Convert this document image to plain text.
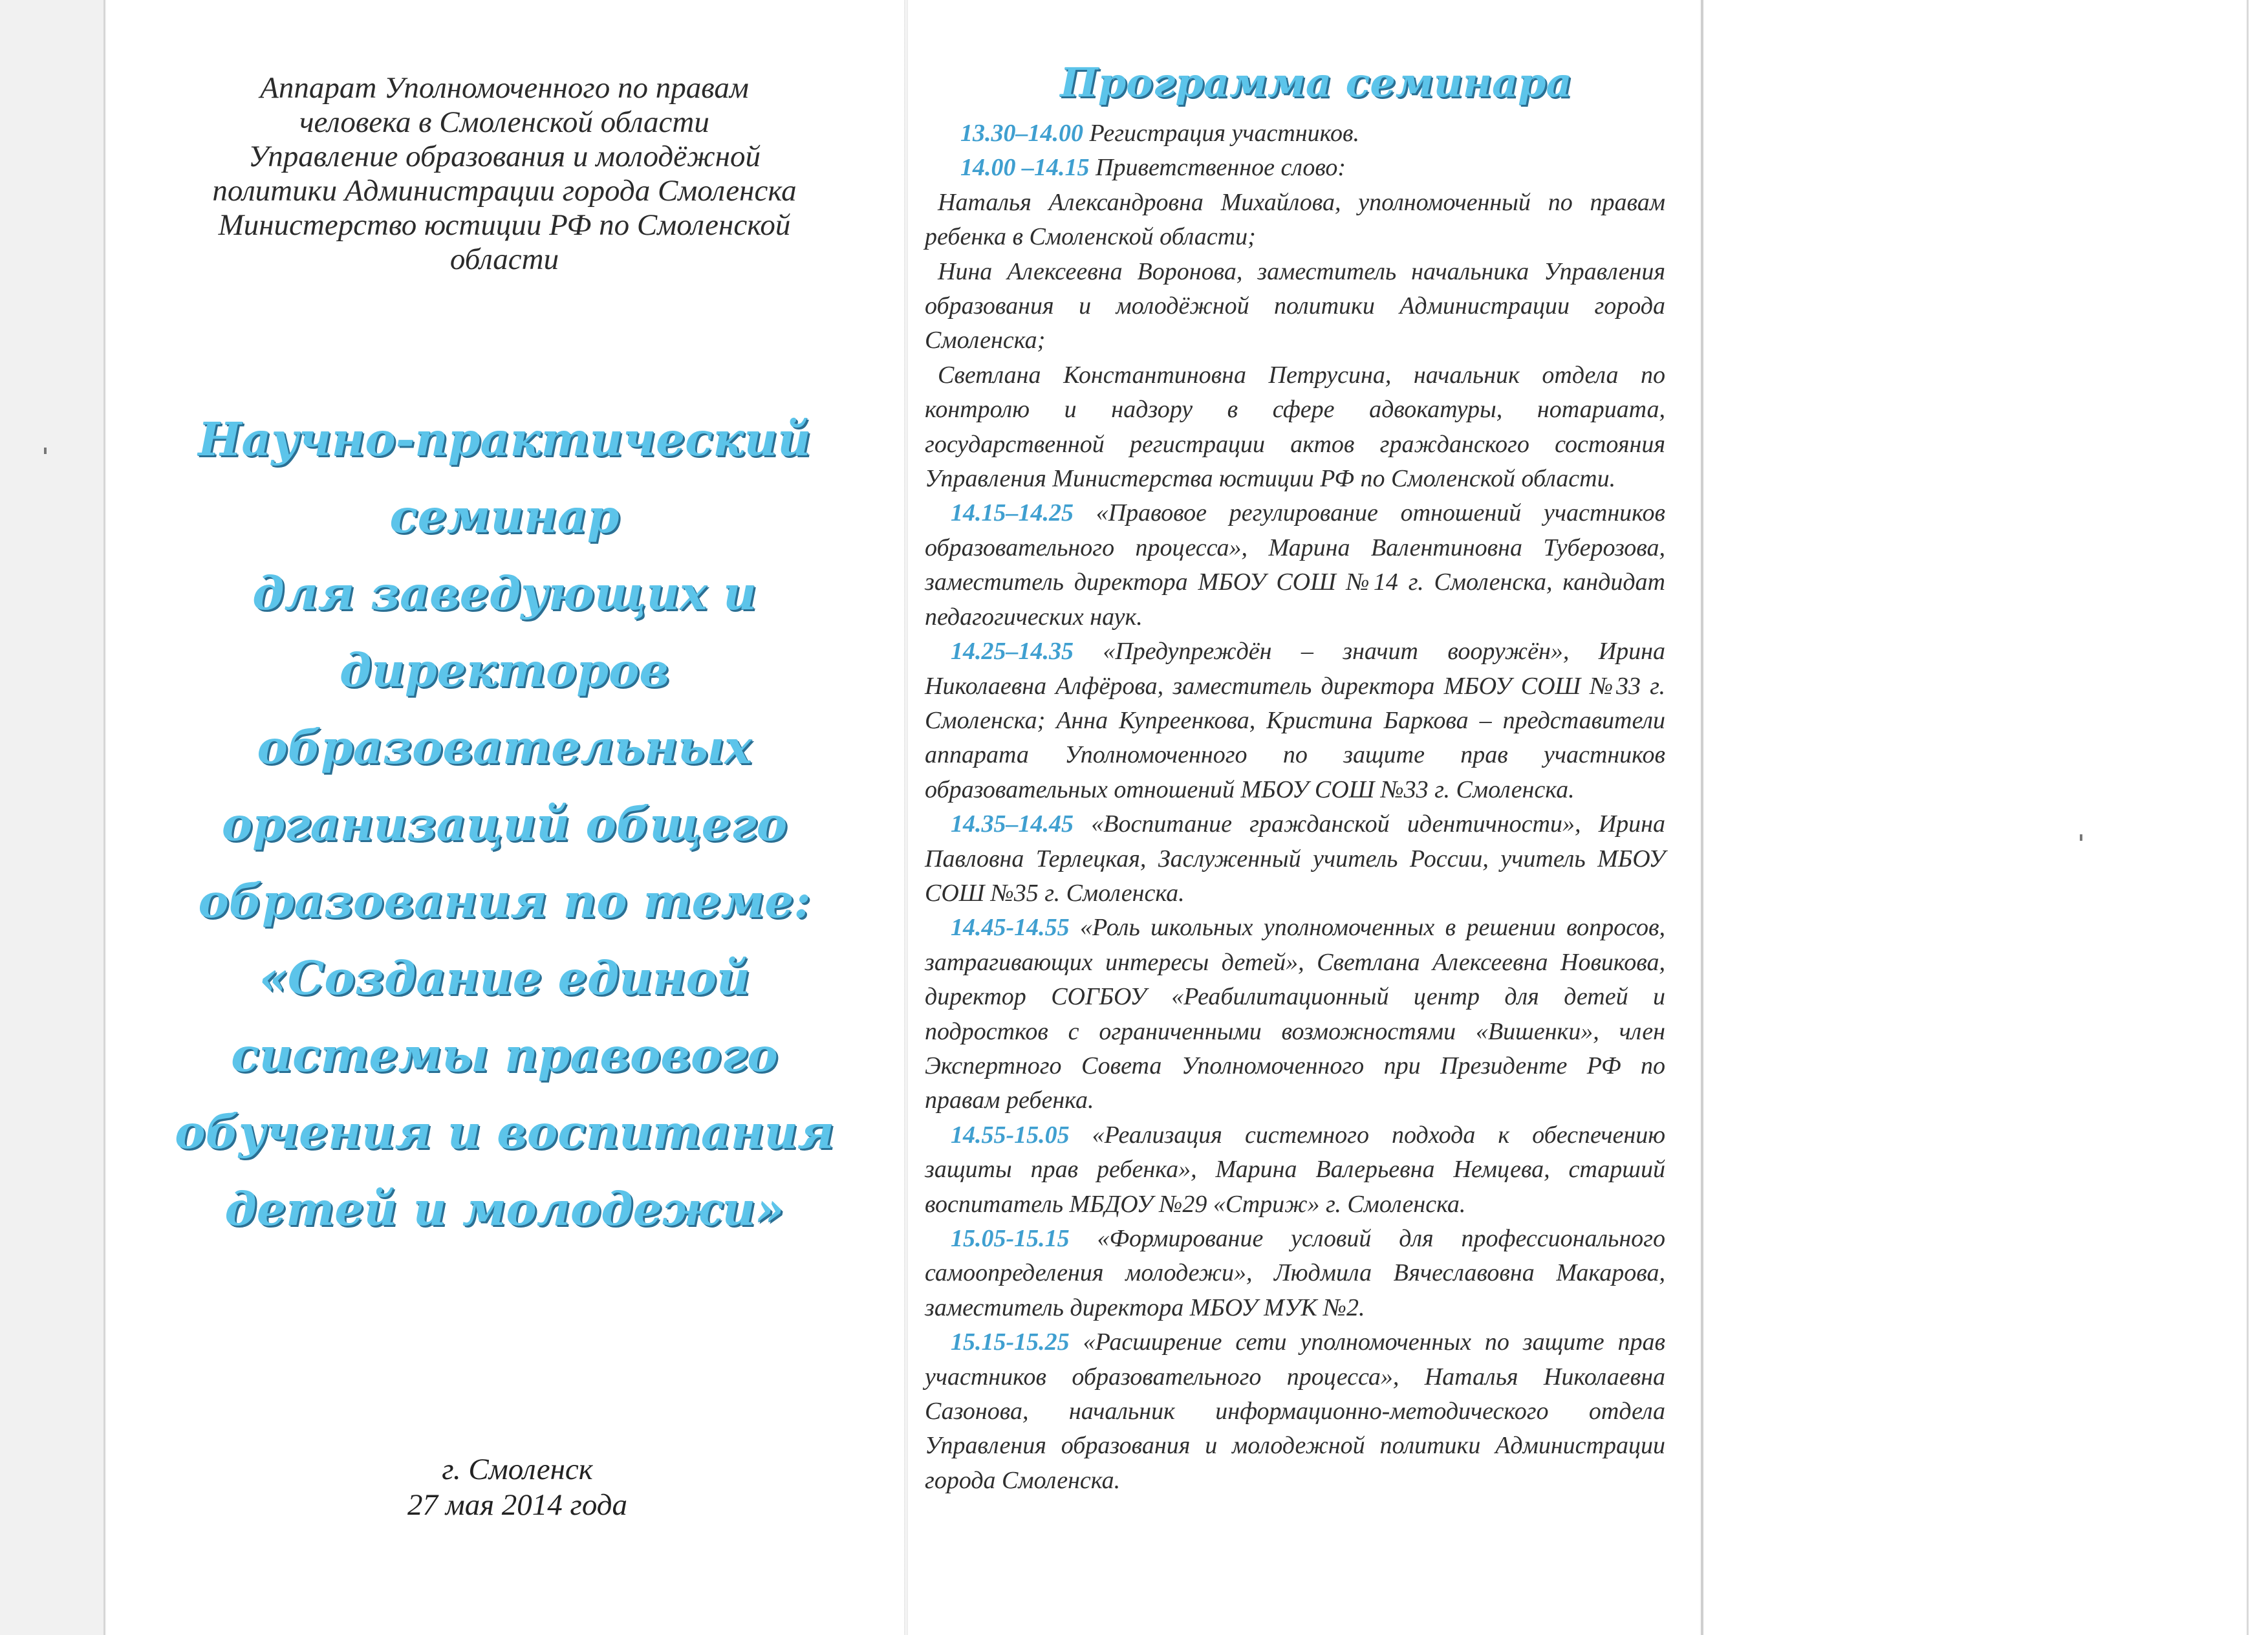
Аппарат Уполномоченного по правам
человека в Смоленской области
Управление образования и молодёжной
политики Администрации города Смоленска
Министерство юстиции РФ по Смоленской
области
Научно-практический
семинар
для заведующих и
директоров
образовательных
организаций общего
образования по теме:
«Создание единой
системы правового
обучения и воспитания
детей и молодежи»
г. Смоленск
27 мая 2014 года
Программа семинара

13.30–14.00 Регистрация участников.

14.00 –14.15 Приветственное слово:

Наталья Александровна Михайлова, уполномоченный по правам ребенка в Смоленской области;

Нина Алексеевна Воронова, заместитель начальника Управления образования и молодёжной политики Администрации города Смоленска;

Светлана Константиновна Петрусина, начальник отдела по контролю и надзору в сфере адвокатуры, нотариата, государственной регистрации актов гражданского состояния Управления Министерства юстиции РФ по Смоленской области.

14.15–14.25 «Правовое регулирование отношений участников образовательного процесса», Марина Валентиновна Туберозова, заместитель директора МБОУ СОШ №14 г. Смоленска, кандидат педагогических наук.

14.25–14.35 «Предупреждён – значит вооружён», Ирина Николаевна Алфёрова, заместитель директора МБОУ СОШ №33 г. Смоленска; Анна Купреенкова, Кристина Баркова – представители аппарата Уполномоченного по защите прав участников образовательных отношений МБОУ СОШ №33 г. Смоленска.

14.35–14.45 «Воспитание гражданской идентичности», Ирина Павловна Терлецкая, Заслуженный учитель России, учитель МБОУ СОШ №35 г. Смоленска.

14.45-14.55 «Роль школьных уполномоченных в решении вопросов, затрагивающих интересы детей», Светлана Алексеевна Новикова, директор СОГБОУ «Реабилитационный центр для детей и подростков с ограниченными возможностями «Вишенки», член Экспертного Совета Уполномоченного при Президенте РФ по правам ребенка.

14.55-15.05 «Реализация системного подхода к обеспечению защиты прав ребенка», Марина Валерьевна Немцева, старший воспитатель МБДОУ №29 «Стриж» г. Смоленска.

15.05-15.15 «Формирование условий для профессионального самоопределения молодежи», Людмила Вячеславовна Макарова, заместитель директора МБОУ МУК №2.

15.15-15.25 «Расширение сети уполномоченных по защите прав участников образовательного процесса», Наталья Николаевна Сазонова, начальник информационно-методического отдела Управления образования и молодежной политики Администрации города Смоленска.
